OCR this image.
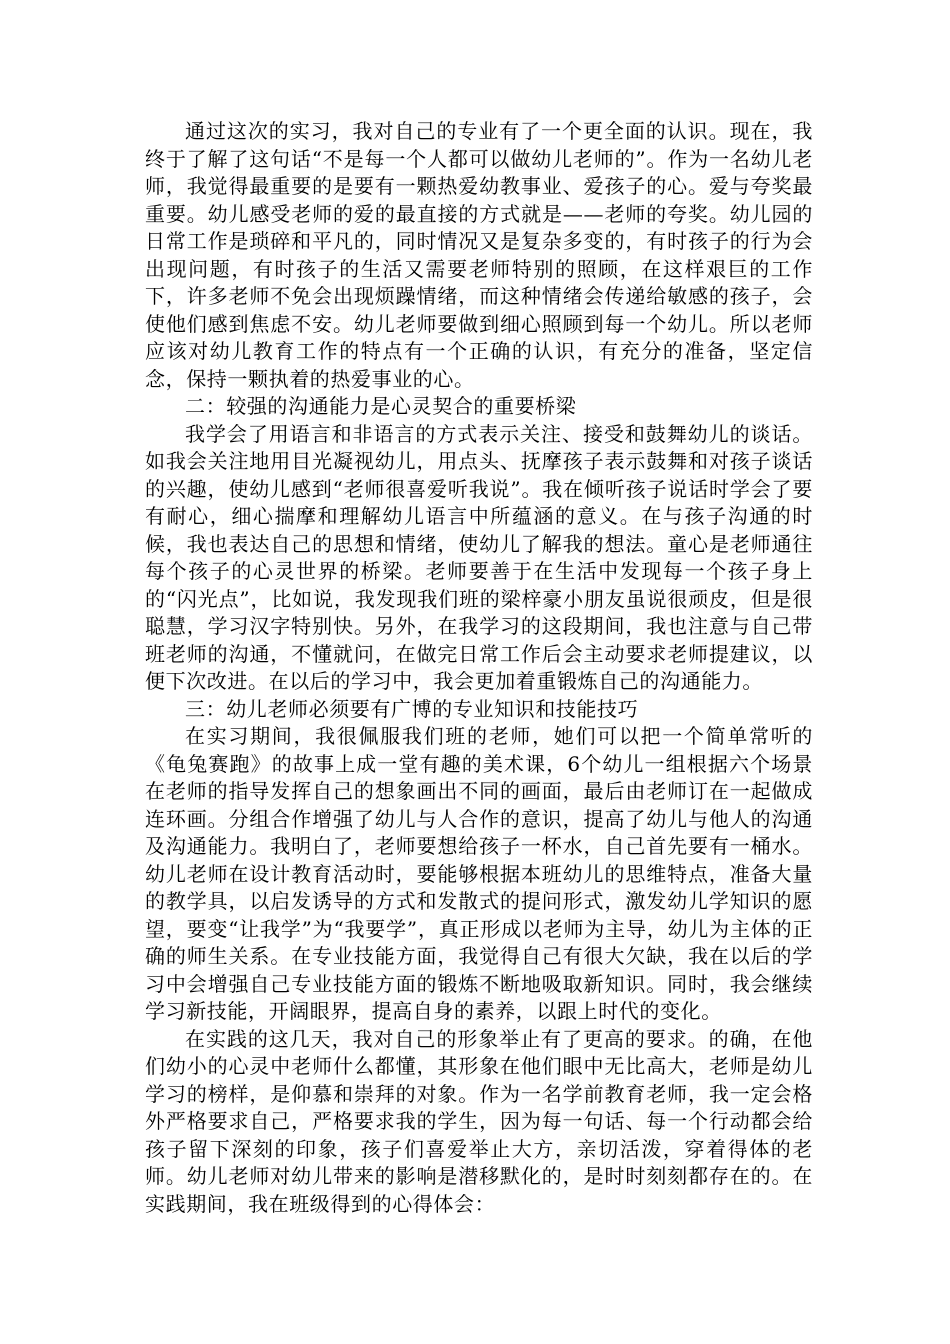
通过这次的实习，我对自己的专业有了一个更全面的认识。现在，我终于了解了这句话“不是每一个人都可以做幼儿老师的”。作为一名幼儿老师，我觉得最重要的是要有一颗热爱幼教事业、爱孩子的心。爱与夸奖最重要。幼儿感受老师的爱的最直接的方式就是——老师的夸奖。幼儿园的日常工作是琐碎和平凡的，同时情况又是复杂多变的，有时孩子的行为会出现问题，有时孩子的生活又需要老师特别的照顾，在这样艰巨的工作下，许多老师不免会出现烦躁情绪，而这种情绪会传递给敏感的孩子，会使他们感到焦虑不安。幼儿老师要做到细心照顾到每一个幼儿。所以老师应该对幼儿教育工作的特点有一个正确的认识，有充分的准备，坚定信念，保持一颗执着的热爱事业的心。

二：较强的沟通能力是心灵契合的重要桥梁

我学会了用语言和非语言的方式表示关注、接受和鼓舞幼儿的谈话。如我会关注地用目光凝视幼儿，用点头、抚摩孩子表示鼓舞和对孩子谈话的兴趣，使幼儿感到“老师很喜爱听我说”。我在倾听孩子说话时学会了要有耐心，细心揣摩和理解幼儿语言中所蕴涵的意义。在与孩子沟通的时候，我也表达自己的思想和情绪，使幼儿了解我的想法。童心是老师通往每个孩子的心灵世界的桥梁。老师要善于在生活中发现每一个孩子身上的“闪光点”，比如说，我发现我们班的梁梓豪小朋友虽说很顽皮，但是很聪慧，学习汉字特别快。另外，在我学习的这段期间，我也注意与自己带班老师的沟通，不懂就问，在做完日常工作后会主动要求老师提建议，以便下次改进。在以后的学习中，我会更加着重锻炼自己的沟通能力。

三：幼儿老师必须要有广博的专业知识和技能技巧

在实习期间，我很佩服我们班的老师，她们可以把一个简单常听的《龟兔赛跑》的故事上成一堂有趣的美术课，6个幼儿一组根据六个场景在老师的指导发挥自己的想象画出不同的画面，最后由老师订在一起做成连环画。分组合作增强了幼儿与人合作的意识，提高了幼儿与他人的沟通及沟通能力。我明白了，老师要想给孩子一杯水，自己首先要有一桶水。幼儿老师在设计教育活动时，要能够根据本班幼儿的思维特点，准备大量的教学具，以启发诱导的方式和发散式的提问形式，激发幼儿学知识的愿望，要变“让我学”为“我要学”，真正形成以老师为主导，幼儿为主体的正确的师生关系。在专业技能方面，我觉得自己有很大欠缺，我在以后的学习中会增强自己专业技能方面的锻炼不断地吸取新知识。同时，我会继续学习新技能，开阔眼界，提高自身的素养，以跟上时代的变化。

在实践的这几天，我对自己的形象举止有了更高的要求。的确，在他们幼小的心灵中老师什么都懂，其形象在他们眼中无比高大，老师是幼儿学习的榜样，是仰慕和崇拜的对象。作为一名学前教育老师，我一定会格外严格要求自己，严格要求我的学生，因为每一句话、每一个行动都会给孩子留下深刻的印象，孩子们喜爱举止大方，亲切活泼，穿着得体的老师。幼儿老师对幼儿带来的影响是潜移默化的，是时时刻刻都存在的。在实践期间，我在班级得到的心得体会：
